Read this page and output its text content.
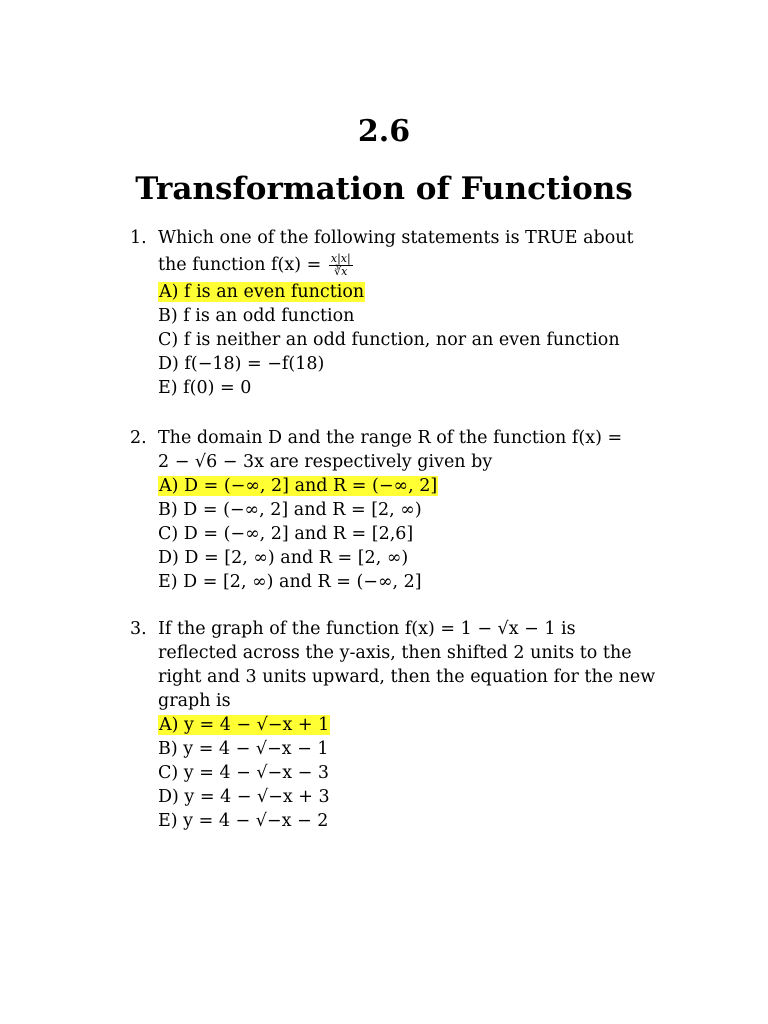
2.6
Transformation of Functions
1. Which one of the following statements is TRUE about
the function $f(x) = \frac{x|x|}{∛x}$
A) f is an even function
B) f is an odd function
C) f is neither an odd function, nor an even function
D) f(−18) = −f(18)
E) f(0) = 0
2. The domain D and the range R of the function f(x) =
2 − √6 − 3x are respectively given by
A) D = (−∞, 2] and R = (−∞, 2]
B) D = (−∞, 2] and R = [2, ∞)
C) D = (−∞, 2] and R = [2,6]
D) D = [2, ∞) and R = [2, ∞)
E) D = [2, ∞) and R = (−∞, 2]
3. If the graph of the function f(x) = 1 − √x − 1 is
reflected across the y-axis, then shifted 2 units to the
right and 3 units upward, then the equation for the new
graph is
A) y = 4 − √−x + 1
B) y = 4 − √−x − 1
C) y = 4 − √−x − 3
D) y = 4 − √−x + 3
E) y = 4 − √−x − 2
